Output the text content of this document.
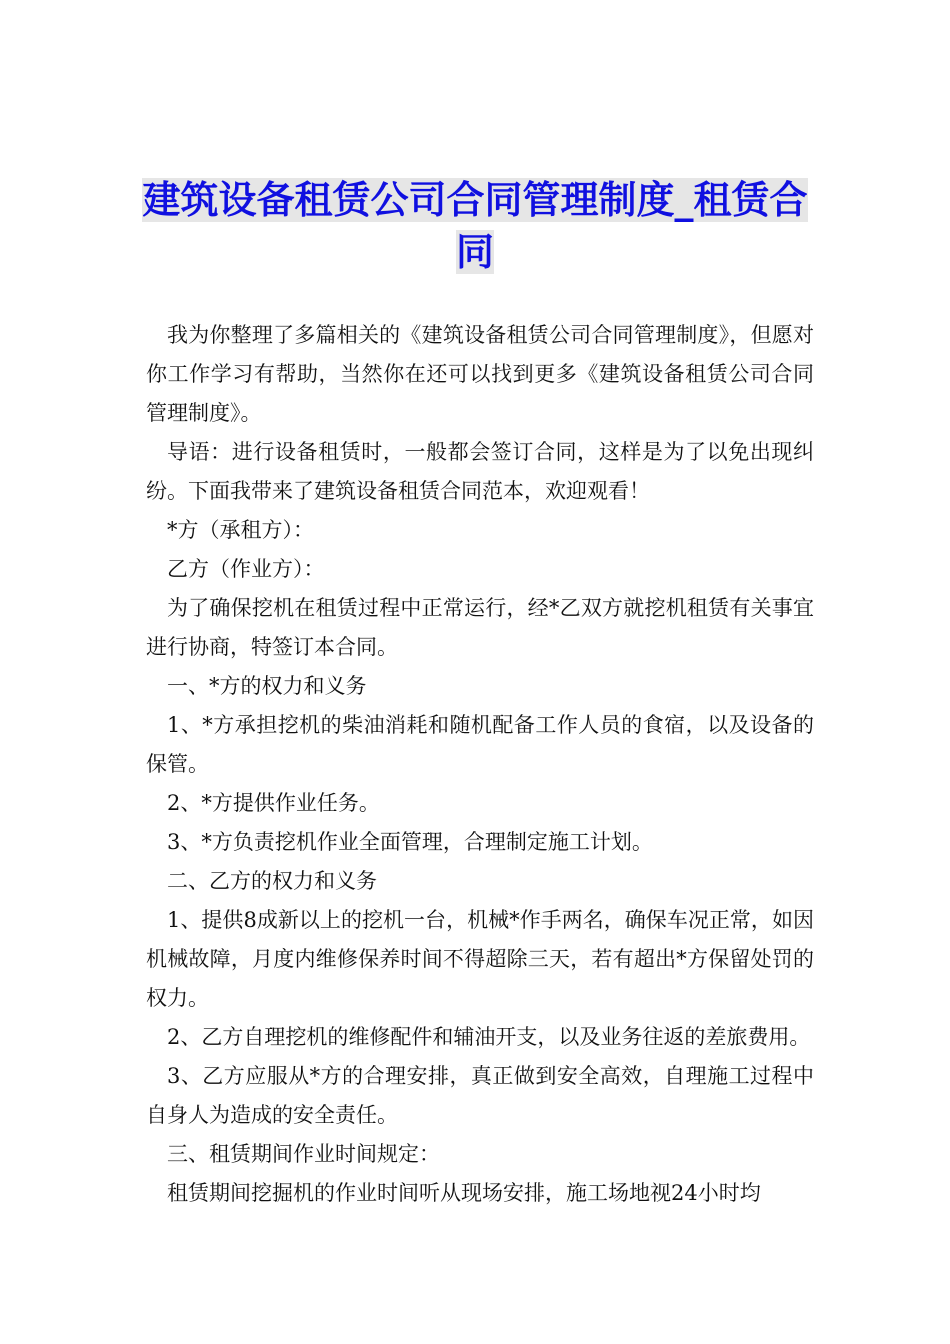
建筑设备租赁公司合同管理制度_租赁合同

我为你整理了多篇相关的《建筑设备租赁公司合同管理制度》，但愿对你工作学习有帮助，当然你在还可以找到更多《建筑设备租赁公司合同管理制度》。

导语：进行设备租赁时，一般都会签订合同，这样是为了以免出现纠纷。下面我带来了建筑设备租赁合同范本，欢迎观看！

*方（承租方）：

乙方（作业方）：

为了确保挖机在租赁过程中正常运行，经*乙双方就挖机租赁有关事宜进行协商，特签订本合同。

一、*方的权力和义务

1、*方承担挖机的柴油消耗和随机配备工作人员的食宿，以及设备的保管。

2、*方提供作业任务。

3、*方负责挖机作业全面管理，合理制定施工计划。

二、乙方的权力和义务

1、提供8成新以上的挖机一台，机械*作手两名，确保车况正常，如因机械故障，月度内维修保养时间不得超除三天，若有超出*方保留处罚的权力。

2、乙方自理挖机的维修配件和辅油开支，以及业务往返的差旅费用。

3、乙方应服从*方的合理安排，真正做到安全高效，自理施工过程中自身人为造成的安全责任。

三、租赁期间作业时间规定：

租赁期间挖掘机的作业时间听从现场安排，施工场地视24小时均
